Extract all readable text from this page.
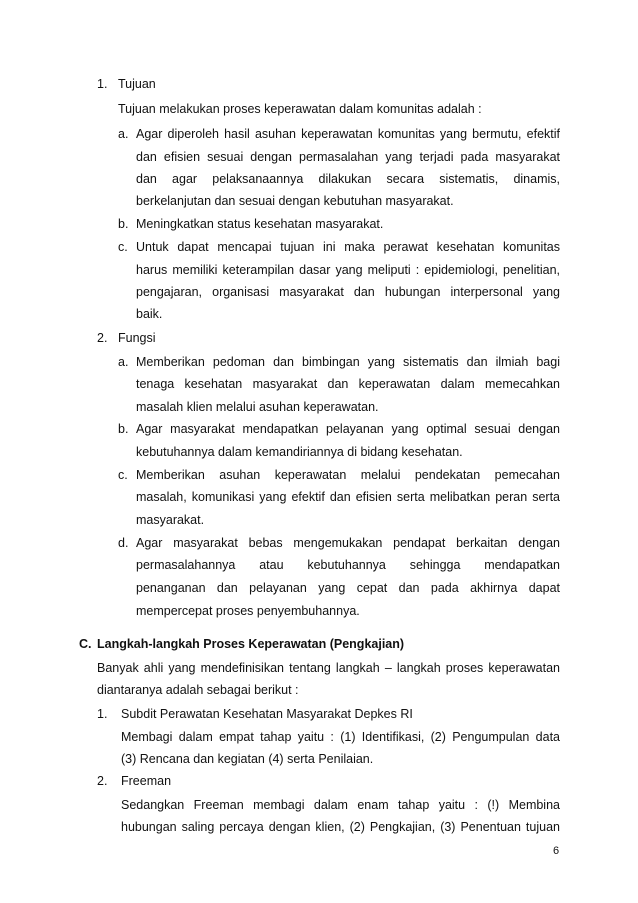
1. Tujuan
Tujuan melakukan proses keperawatan dalam komunitas adalah :
a. Agar diperoleh hasil asuhan keperawatan komunitas yang bermutu, efektif
dan efisien sesuai dengan permasalahan yang terjadi pada masyarakat
dan agar pelaksanaannya dilakukan secara sistematis, dinamis,
berkelanjutan dan sesuai dengan kebutuhan masyarakat.
b. Meningkatkan status kesehatan masyarakat.
c. Untuk dapat mencapai tujuan ini maka perawat kesehatan komunitas
harus memiliki keterampilan dasar yang meliputi : epidemiologi, penelitian,
pengajaran, organisasi masyarakat dan hubungan interpersonal yang
baik.
2. Fungsi
a. Memberikan pedoman dan bimbingan yang sistematis dan ilmiah bagi
tenaga kesehatan masyarakat dan keperawatan dalam memecahkan
masalah klien melalui asuhan keperawatan.
b. Agar masyarakat mendapatkan pelayanan yang optimal sesuai dengan
kebutuhannya dalam kemandiriannya di bidang kesehatan.
c. Memberikan asuhan keperawatan melalui pendekatan pemecahan
masalah, komunikasi yang efektif dan efisien serta melibatkan peran serta
masyarakat.
d. Agar masyarakat bebas mengemukakan pendapat berkaitan dengan
permasalahannya atau kebutuhannya sehingga mendapatkan
penanganan dan pelayanan yang cepat dan pada akhirnya dapat
mempercepat proses penyembuhannya.
C. Langkah-langkah Proses Keperawatan (Pengkajian)
Banyak ahli yang mendefinisikan tentang langkah – langkah proses keperawatan
diantaranya adalah sebagai berikut :
1. Subdit Perawatan Kesehatan Masyarakat Depkes RI
Membagi dalam empat tahap yaitu : (1) Identifikasi, (2) Pengumpulan data
(3) Rencana dan kegiatan (4) serta Penilaian.
2. Freeman
Sedangkan Freeman membagi dalam enam tahap yaitu : (!) Membina
hubungan saling percaya dengan klien, (2) Pengkajian, (3) Penentuan tujuan
6
